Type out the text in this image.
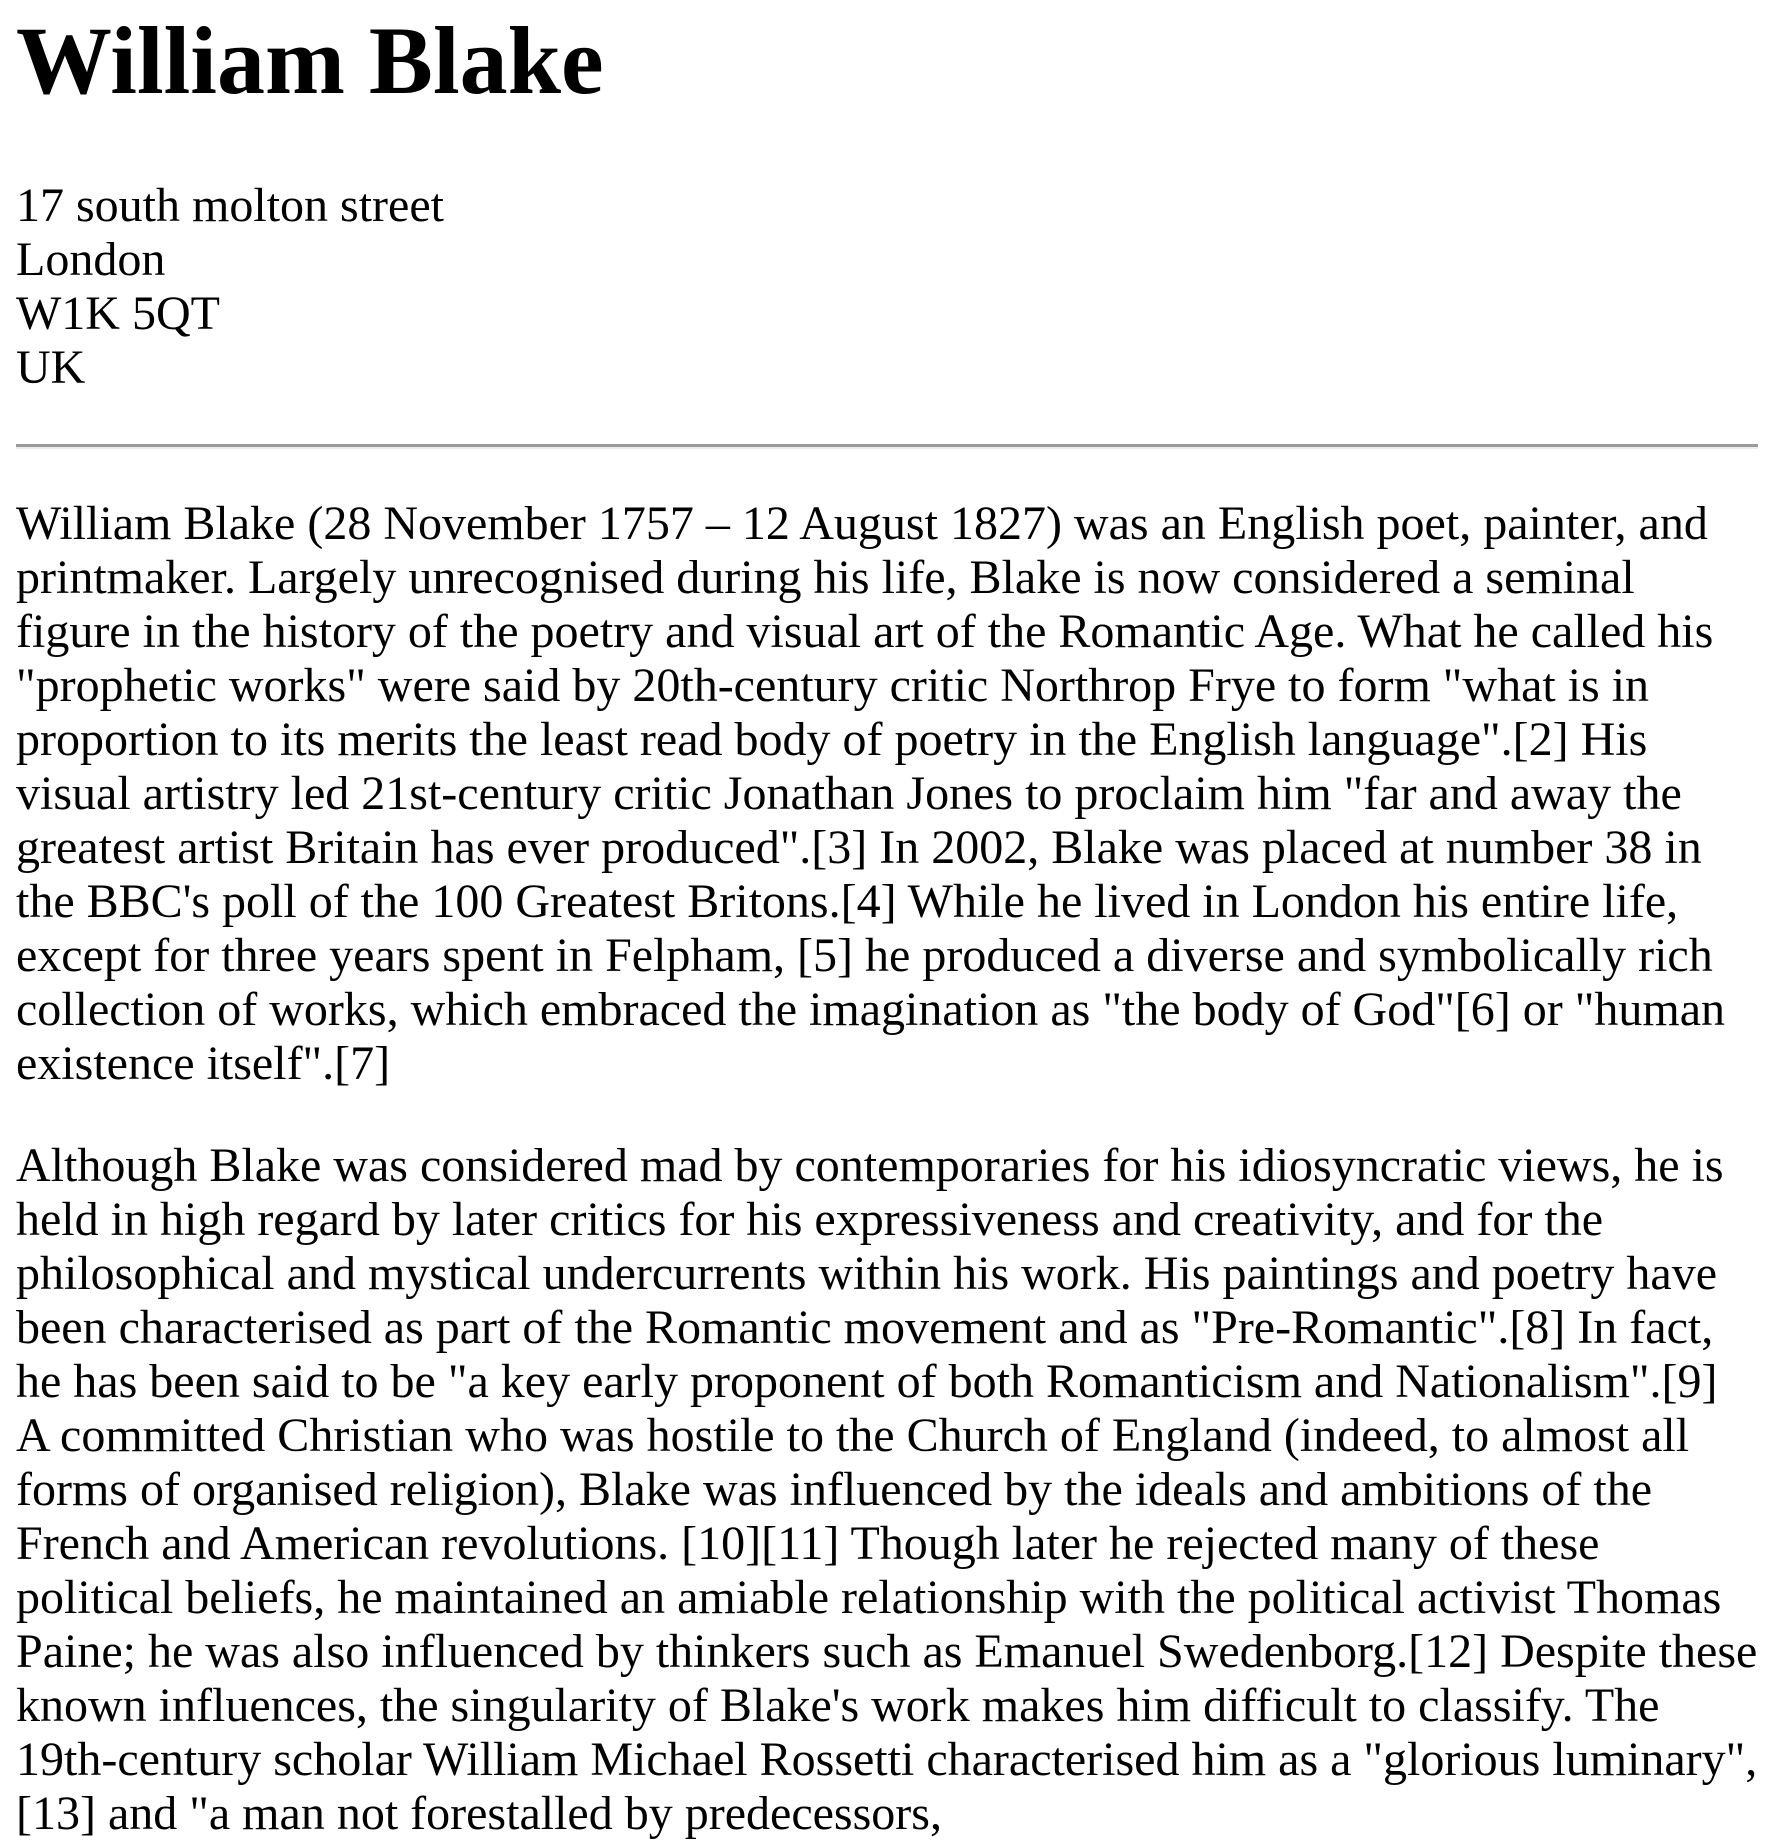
William Blake

17 south molton street
London
W1K 5QT
UK

William Blake (28 November 1757 – 12 August 1827) was an English poet, painter, and printmaker. Largely unrecognised during his life, Blake is now considered a seminal figure in the history of the poetry and visual art of the Romantic Age. What he called his "prophetic works" were said by 20th-century critic Northrop Frye to form "what is in proportion to its merits the least read body of poetry in the English language".[2] His visual artistry led 21st-century critic Jonathan Jones to proclaim him "far and away the greatest artist Britain has ever produced".[3] In 2002, Blake was placed at number 38 in the BBC's poll of the 100 Greatest Britons.[4] While he lived in London his entire life, except for three years spent in Felpham, [5] he produced a diverse and symbolically rich collection of works, which embraced the imagination as "the body of God"[6] or "human existence itself".[7]

Although Blake was considered mad by contemporaries for his idiosyncratic views, he is held in high regard by later critics for his expressiveness and creativity, and for the philosophical and mystical undercurrents within his work. His paintings and poetry have been characterised as part of the Romantic movement and as "Pre-Romantic".[8] In fact, he has been said to be "a key early proponent of both Romanticism and Nationalism".[9] A committed Christian who was hostile to the Church of England (indeed, to almost all forms of organised religion), Blake was influenced by the ideals and ambitions of the French and American revolutions. [10][11] Though later he rejected many of these political beliefs, he maintained an amiable relationship with the political activist Thomas Paine; he was also influenced by thinkers such as Emanuel Swedenborg.[12] Despite these known influences, the singularity of Blake's work makes him difficult to classify. The 19th-century scholar William Michael Rossetti characterised him as a "glorious luminary",[13] and "a man not forestalled by predecessors,
